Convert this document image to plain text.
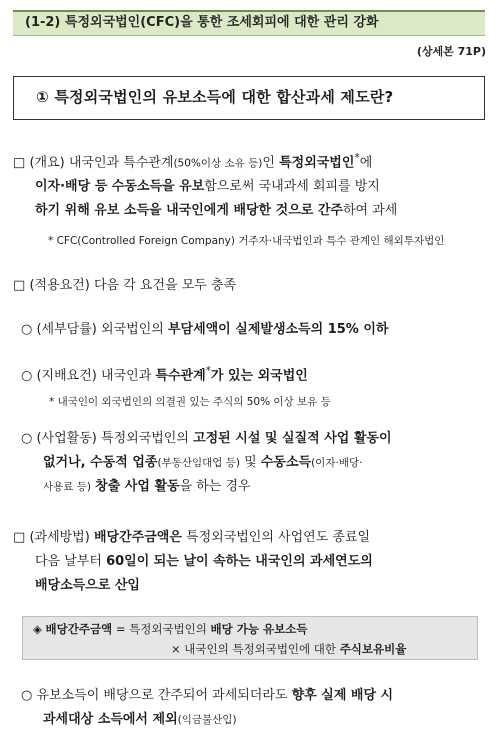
(1-2) 특정외국법인(CFC)을 통한 조세회피에 대한 관리 강화
(상세본 71P)
① 특정외국법인의 유보소득에 대한 합산과세 제도란?
□ (개요) 내국인과 특수관계(50%이상 소유 등)인 특정외국법인*에
이자·배당 등 수동소득을 유보함으로써 국내과세 회피를 방지
하기 위해 유보 소득을 내국인에게 배당한 것으로 간주하여 과세
* CFC(Controlled Foreign Company) 거주자·내국법인과 특수 관계인 해외투자법인
□ (적용요건) 다음 각 요건을 모두 충족
○ (세부담률) 외국법인의 부담세액이 실제발생소득의 15% 이하
○ (지배요건) 내국인과 특수관계*가 있는 외국법인
* 내국인이 외국법인의 의결권 있는 주식의 50% 이상 보유 등
○ (사업활동) 특정외국법인의 고정된 시설 및 실질적 사업 활동이
없거나, 수동적 업종(부동산임대업 등) 및 수동소득(이자·배당·
사용료 등) 창출 사업 활동을 하는 경우
□ (과세방법) 배당간주금액은 특정외국법인의 사업연도 종료일
다음 날부터 60일이 되는 날이 속하는 내국인의 과세연도의
배당소득으로 산입
◈ 배당간주금액 = 특정외국법인의 배당 가능 유보소득
× 내국인의 특정외국법인에 대한 주식보유비율
○ 유보소득이 배당으로 간주되어 과세되더라도 향후 실제 배당 시
과세대상 소득에서 제외(익금불산입)
